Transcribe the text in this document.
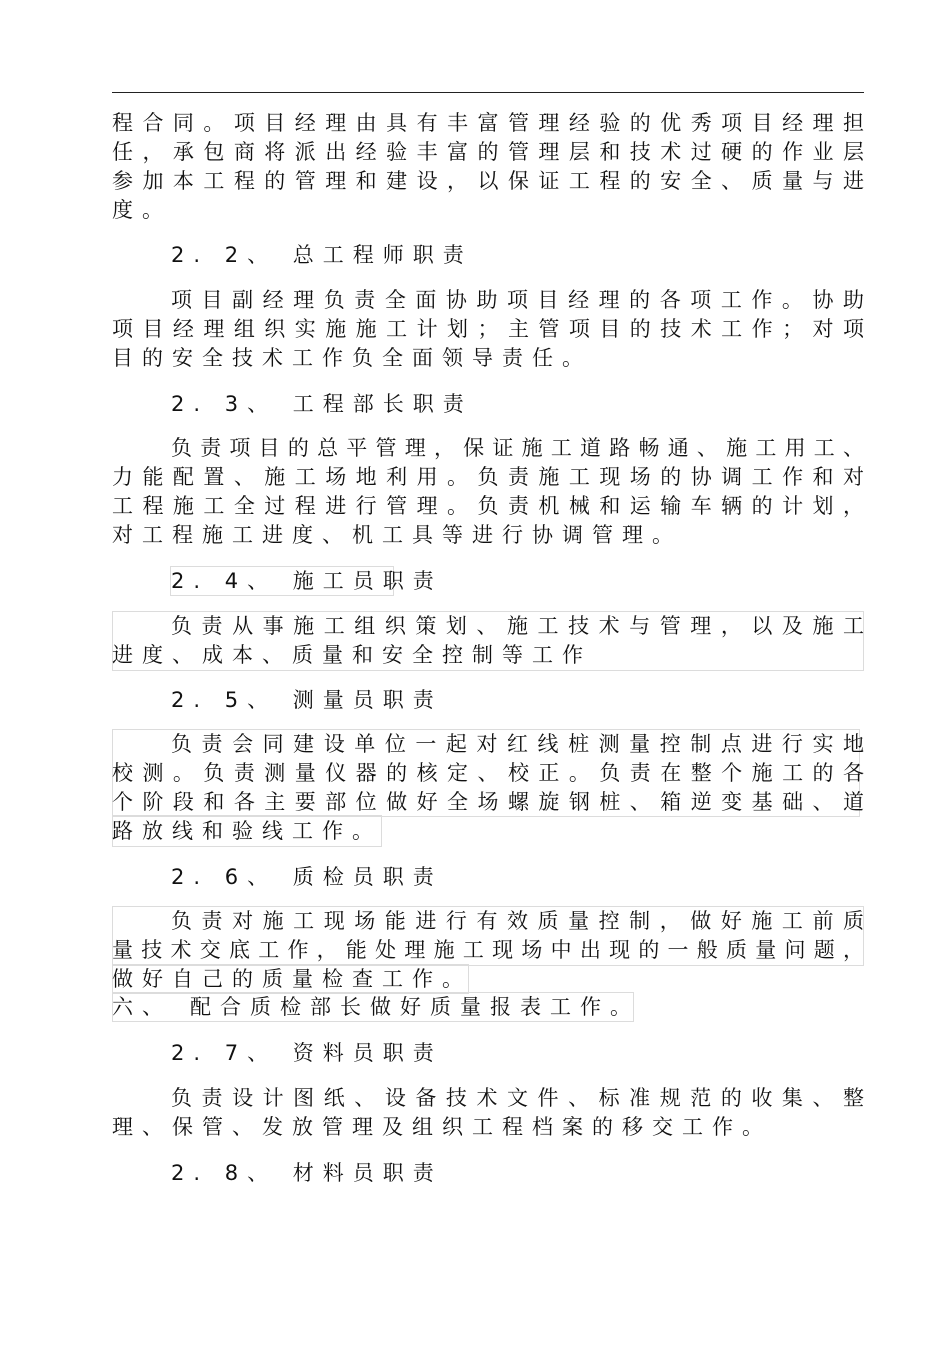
程合同。项目经理由具有丰富管理经验的优秀项目经理担
任，承包商将派出经验丰富的管理层和技术过硬的作业层
参加本工程的管理和建设，以保证工程的安全、质量与进
度。
2. 2、 总工程师职责
项目副经理负责全面协助项目经理的各项工作。协助
项目经理组织实施施工计划；主管项目的技术工作；对项
目的安全技术工作负全面领导责任。
2. 3、 工程部长职责
负责项目的总平管理，保证施工道路畅通、施工用工、
力能配置、施工场地利用。负责施工现场的协调工作和对
工程施工全过程进行管理。负责机械和运输车辆的计划，
对工程施工进度、机工具等进行协调管理。
2. 4、 施工员职责
负责从事施工组织策划、施工技术与管理，以及施工
进度、成本、质量和安全控制等工作
2. 5、 测量员职责
负责会同建设单位一起对红线桩测量控制点进行实地
校测。负责测量仪器的核定、校正。负责在整个施工的各
个阶段和各主要部位做好全场螺旋钢桩、箱逆变基础、道
路放线和验线工作。
2. 6、 质检员职责
负责对施工现场能进行有效质量控制，做好施工前质
量技术交底工作，能处理施工现场中出现的一般质量问题，
做好自己的质量检查工作。
六、 配合质检部长做好质量报表工作。
2. 7、 资料员职责
负责设计图纸、设备技术文件、标准规范的收集、整
理、保管、发放管理及组织工程档案的移交工作。
2. 8、 材料员职责
